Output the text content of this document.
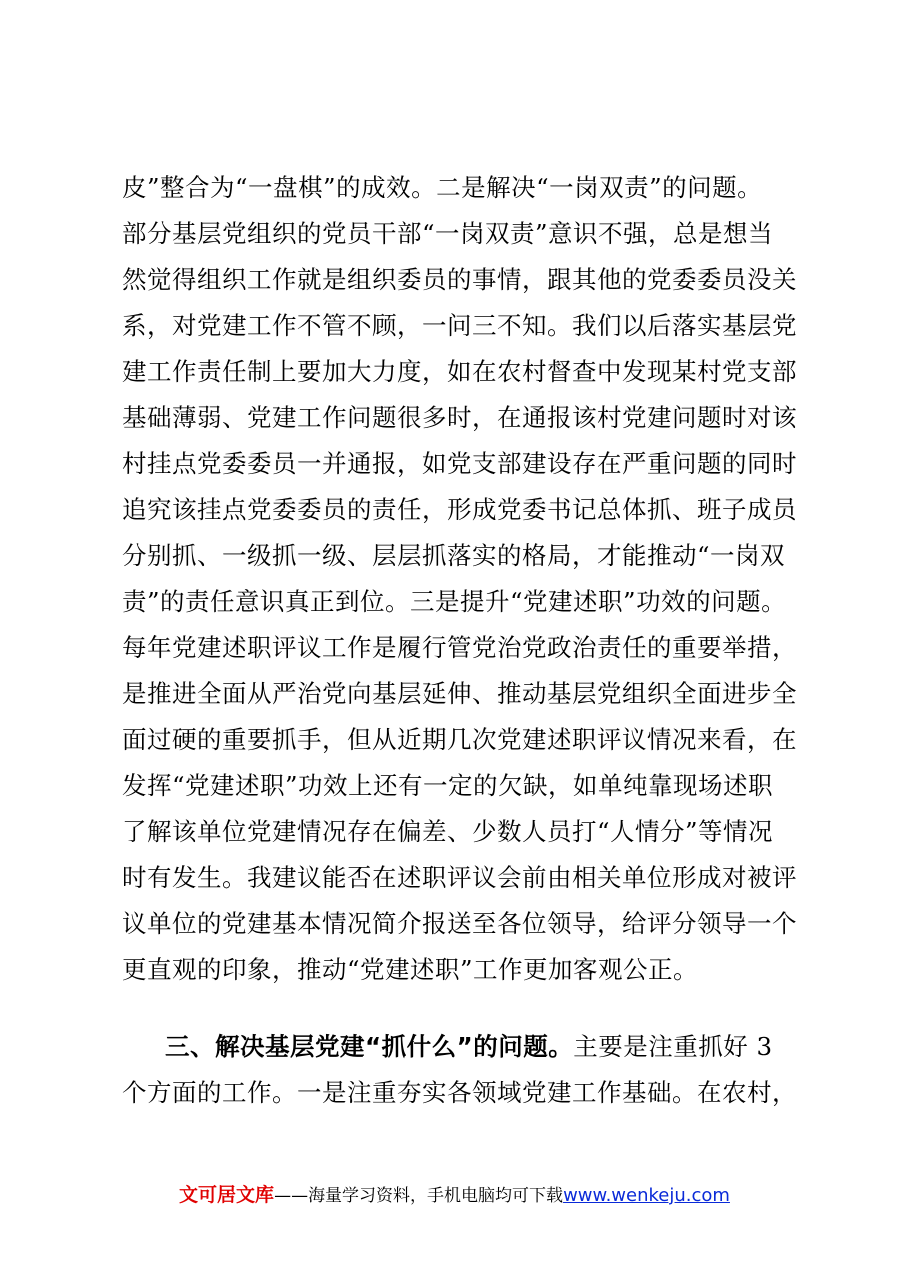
皮”整合为“一盘棋”的成效。二是解决“一岗双责”的问题。
部分基层党组织的党员干部“一岗双责”意识不强，总是想当
然觉得组织工作就是组织委员的事情，跟其他的党委委员没关
系，对党建工作不管不顾，一问三不知。我们以后落实基层党
建工作责任制上要加大力度，如在农村督查中发现某村党支部
基础薄弱、党建工作问题很多时，在通报该村党建问题时对该
村挂点党委委员一并通报，如党支部建设存在严重问题的同时
追究该挂点党委委员的责任，形成党委书记总体抓、班子成员
分别抓、一级抓一级、层层抓落实的格局，才能推动“一岗双
责”的责任意识真正到位。三是提升“党建述职”功效的问题。
每年党建述职评议工作是履行管党治党政治责任的重要举措，
是推进全面从严治党向基层延伸、推动基层党组织全面进步全
面过硬的重要抓手，但从近期几次党建述职评议情况来看，在
发挥“党建述职”功效上还有一定的欠缺，如单纯靠现场述职
了解该单位党建情况存在偏差、少数人员打“人情分”等情况
时有发生。我建议能否在述职评议会前由相关单位形成对被评
议单位的党建基本情况简介报送至各位领导，给评分领导一个
更直观的印象，推动“党建述职”工作更加客观公正。
三、解决基层党建“抓什么”的问题。主要是注重抓好 3
个方面的工作。一是注重夯实各领域党建工作基础。在农村，
文可居文库——海量学习资料，手机电脑均可下载www.wenkeju.com
